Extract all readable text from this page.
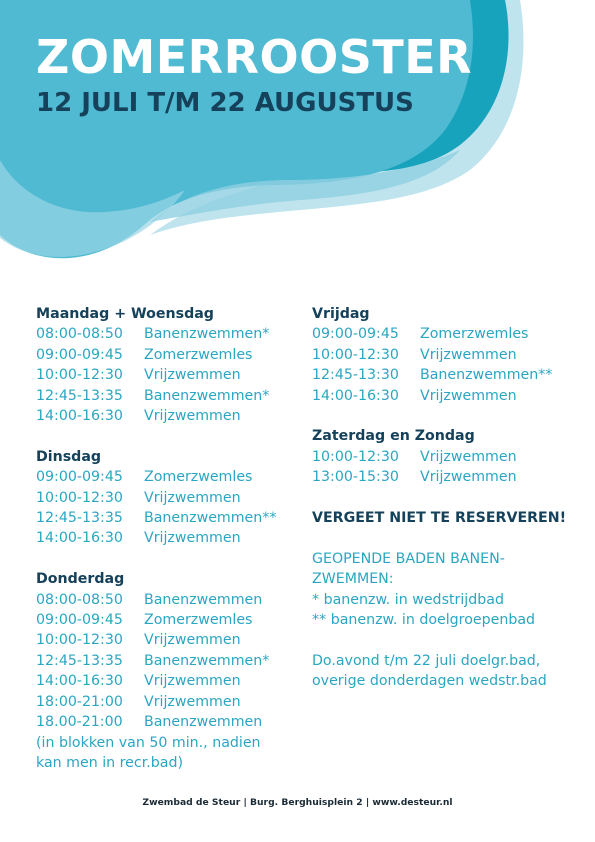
ZOMERROOSTER
12 JULI T/M 22 AUGUSTUS
Maandag + Woensdag
08:00-08:50 Banenzwemmen*
09:00-09:45 Zomerzwemles
10:00-12:30 Vrijzwemmen
12:45-13:35 Banenzwemmen*
14:00-16:30 Vrijzwemmen
Dinsdag
09:00-09:45 Zomerzwemles
10:00-12:30 Vrijzwemmen
12:45-13:35 Banenzwemmen**
14:00-16:30 Vrijzwemmen
Donderdag
08:00-08:50 Banenzwemmen
09:00-09:45 Zomerzwemles
10:00-12:30 Vrijzwemmen
12:45-13:35 Banenzwemmen*
14:00-16:30 Vrijzwemmen
18:00-21:00 Vrijzwemmen
18.00-21:00 Banenzwemmen
(in blokken van 50 min., nadien
kan men in recr.bad)
Vrijdag
09:00-09:45 Zomerzwemles
10:00-12:30 Vrijzwemmen
12:45-13:30 Banenzwemmen**
14:00-16:30 Vrijzwemmen
Zaterdag en Zondag
10:00-12:30 Vrijzwemmen
13:00-15:30 Vrijzwemmen
VERGEET NIET TE RESERVEREN!
GEOPENDE BADEN BANEN-
ZWEMMEN:
* banenzw. in wedstrijdbad
** banenzw. in doelgroepenbad
Do.avond t/m 22 juli doelgr.bad,
overige donderdagen wedstr.bad
Zwembad de Steur | Burg. Berghuisplein 2 | www.desteur.nl
